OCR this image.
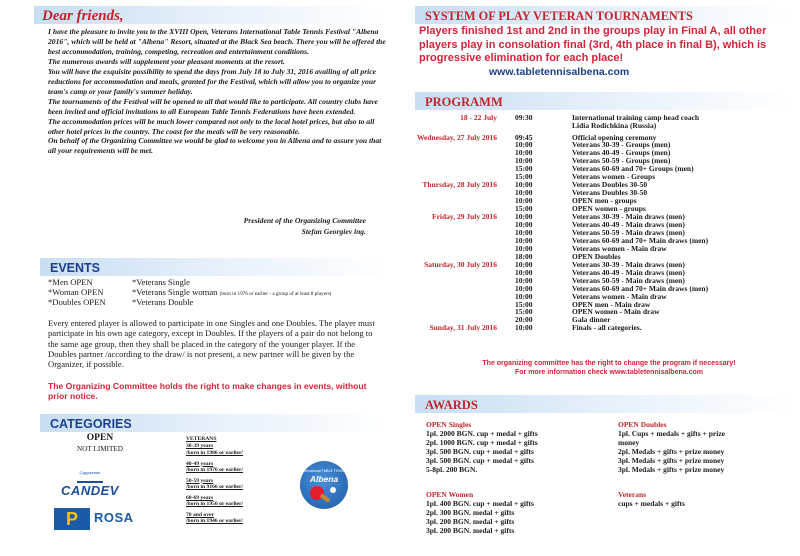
Dear friends,

I have the pleasure to invite you to the XVIII Open, Veterans International Table Tennis Festival "Albena 2016", which will be held at "Albena" Resort, situated at the Black Sea beach. There you will be offered the best accommodation, training, competing, recreation and entertainment conditions.

The numerous awards will supplement your pleasant moments at the resort.

You will have the exquisite possibility to spend the days from July 18 to July 31, 2016 availing of all price reductions for accommodation and meals, granted for the Festival, which will allow you to organize your team's camp or your family's summer holiday.

The tournaments of the Festival will be opened to all that would like to participate. All country clubs have been invited and official invitations to all European Table Tennis Federations have been extended.

The accommodation prices will be much lower compared not only to the local hotel prices, but also to all other hotel prices in the country. The coast for the meals will be very reasonable.

On behalf of the Organizing Committee we would be glad to welcome you in Albena and to assure you that all your requirements will be met.

President of the Organizing Committee
Stefan Georgiev ing.
EVENTS
*Men OPEN
*Woman OPEN
*Doubles OPEN
*Veterans Single
*Veterans Single woman (born in 1976 or earlier - a group of at least 8 players)
*Veterans Double
Every entered player is allowed to participate in one Singles and one Doubles. The player must participate in his own age category, except in Doubles. If the players of a pair do not belong to the same age group, then they shall be placed in the category of the younger player. If the Doubles partner /according to the draw/ is not present, a new partner will be given by the Organizer, if possible.
The Organizing Committee holds the right to make changes in events, without prior notice.
CATEGORIES
OPEN
NOT LIMITED
Сдружение
CANDEV
P	ROSA
VETERANS
30-39 years
/born in 1986 or earlier/
40-49 years
/born in 1976 or earlier/
50-59 years
/born in 9166 or earlier/
60-69 years
/born in 1956 or earlier/
70 and over
/born in 1946 or earlier/
International TABLE TENNIS
Albena
SYSTEM OF PLAY VETERAN TOURNAMENTS
Players finished 1st and 2nd in the groups play in Final A, all other players play in consolation final (3rd, 4th place in final B), which is progressive elimination for each place!
www.tabletennisalbena.com
PROGRAMM
18 - 22 July 09:30	International training camp head coach
Lidia Rodichkina (Russia)
Wednesday, 27 July 2016 09:45	Official opening ceremony
10:00	Veterans 30-39 - Groups (men)
10:00	Veterans 40-49 - Groups (men)
10:00	Veterans 50-59 - Groups (men)
15:00	Veterans 60-69 and 70+ Groups (men)
15:00	Veterans women - Groups
Thursday, 28 July 2016 10:00	Veterans Doubles 30-50
10:00	Veterans Doubles 30-50
10:00	OPEN men - groups
15:00	OPEN women - groups
Friday, 29 July 2016 10:00	Veterans 30-39 - Main draws (men)
10:00	Veterans 40-49 - Main draws (men)
10:00	Veterans 50-59 - Main draws (men)
10:00	Veterans 60-69 and 70+ Main draws (men)
10:00	Veterans women - Main draw
18:00	OPEN Doubles
Saturday, 30 July 2016 10:00	Veterans 30-39 - Main draws (men)
10:00	Veterans 40-49 - Main draws (men)
10:00	Veterans 50-59 - Main draws (men)
10:00	Veterans 60-69 and 70+ Main draws (men)
10:00	Veterans women - Main draw
15:00	OPEN men - Main draw
15:00	OPEN women - Main draw
20:00	Gala dinner
Sunday, 31 July 2016 10:00	Finals - all categories.
The organizing committee has the right to change the program if necessary!
For more information check www.tabletennisalbena.com
AWARDS
OPEN Singles
1pl. 2000 BGN. cup + medal + gifts
2pl. 1000 BGN. cup + medal + gifts
3pl. 500 BGN. cup + medal + gifts
3pl. 500 BGN. cup + medal + gifts
5-8pl. 200 BGN.
OPEN Women
1pl. 400 BGN. cup + medal + gifts
2pl. 300 BGN. medal + gifts
3pl. 200 BGN. medal + gifts
3pl. 200 BGN. medal + gifts
OPEN Doubles
1pl. Cups + medals + gifts + prize
money
2pl. Medals + gifts + prize money
3pl. Medals + gifts + prize money
3pl. Medals + gifts + prize money
Veterans
cups + medals + gifts
